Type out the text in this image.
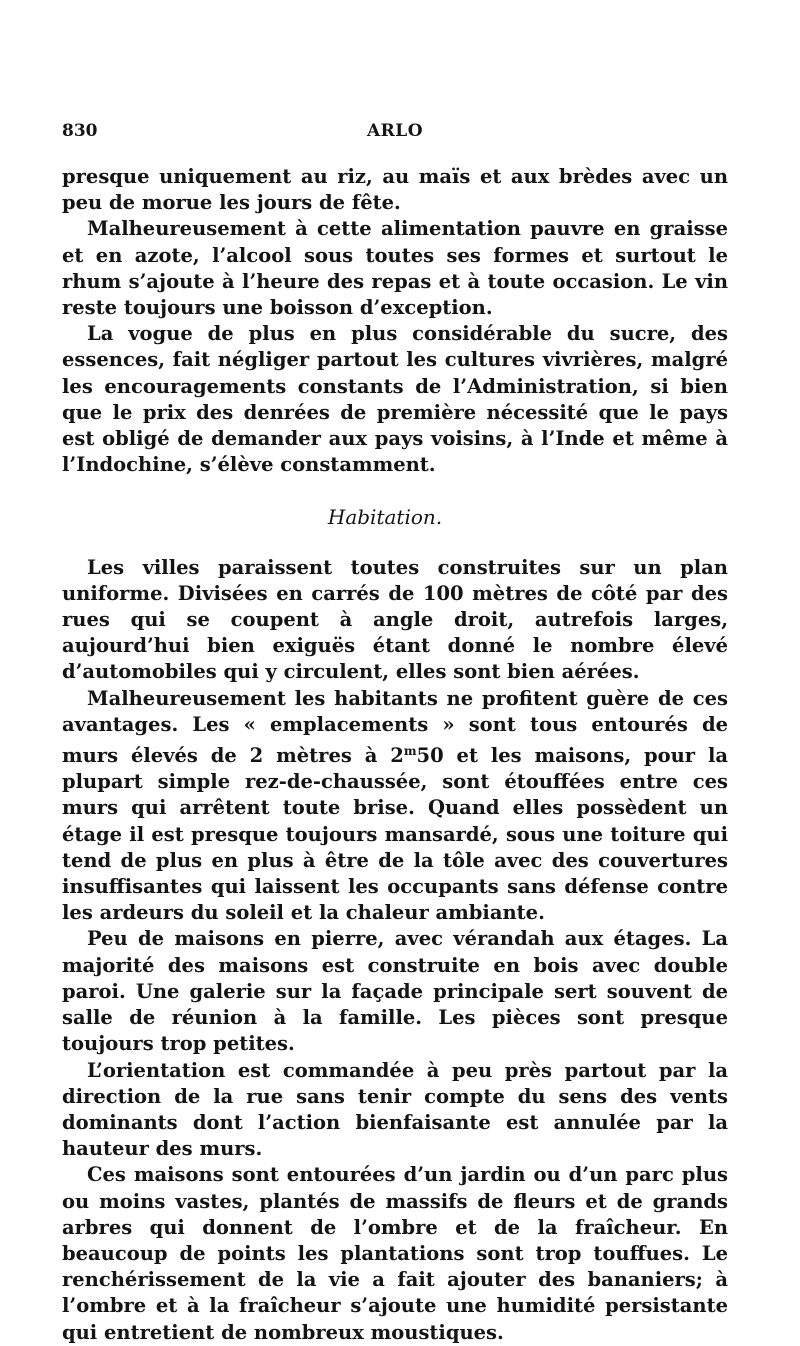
830	ARLO

presque uniquement au riz, au maïs et aux brèdes avec un peu de morue les jours de fête.

Malheureusement à cette alimentation pauvre en graisse et en azote, l’alcool sous toutes ses formes et surtout le rhum s’ajoute à l’heure des repas et à toute occasion. Le vin reste toujours une boisson d’exception.

La vogue de plus en plus considérable du sucre, des essences, fait négliger partout les cultures vivrières, malgré les encouragements constants de l’Administration, si bien que le prix des denrées de première nécessité que le pays est obligé de demander aux pays voisins, à l’Inde et même à l’Indochine, s’élève constamment.

Habitation.

Les villes paraissent toutes construites sur un plan uniforme. Divisées en carrés de 100 mètres de côté par des rues qui se coupent à angle droit, autrefois larges, aujourd’hui bien exiguës étant donné le nombre élevé d’automobiles qui y circulent, elles sont bien aérées.

Malheureusement les habitants ne profitent guère de ces avantages. Les « emplacements » sont tous entourés de murs élevés de 2 mètres à 2$^m$50 et les maisons, pour la plupart simple rez-de-chaussée, sont étouffées entre ces murs qui arrêtent toute brise. Quand elles possèdent un étage il est presque toujours mansardé, sous une toiture qui tend de plus en plus à être de la tôle avec des couvertures insuffisantes qui laissent les occupants sans défense contre les ardeurs du soleil et la chaleur ambiante.

Peu de maisons en pierre, avec vérandah aux étages. La majorité des maisons est construite en bois avec double paroi. Une galerie sur la façade principale sert souvent de salle de réunion à la famille. Les pièces sont presque toujours trop petites.

L’orientation est commandée à peu près partout par la direction de la rue sans tenir compte du sens des vents dominants dont l’action bienfaisante est annulée par la hauteur des murs.

Ces maisons sont entourées d’un jardin ou d’un parc plus ou moins vastes, plantés de massifs de fleurs et de grands arbres qui donnent de l’ombre et de la fraîcheur. En beaucoup de points les plantations sont trop touffues. Le renchérissement de la vie a fait ajouter des bananiers; à l’ombre et à la fraîcheur s’ajoute une humidité persistante qui entretient de nombreux moustiques.
